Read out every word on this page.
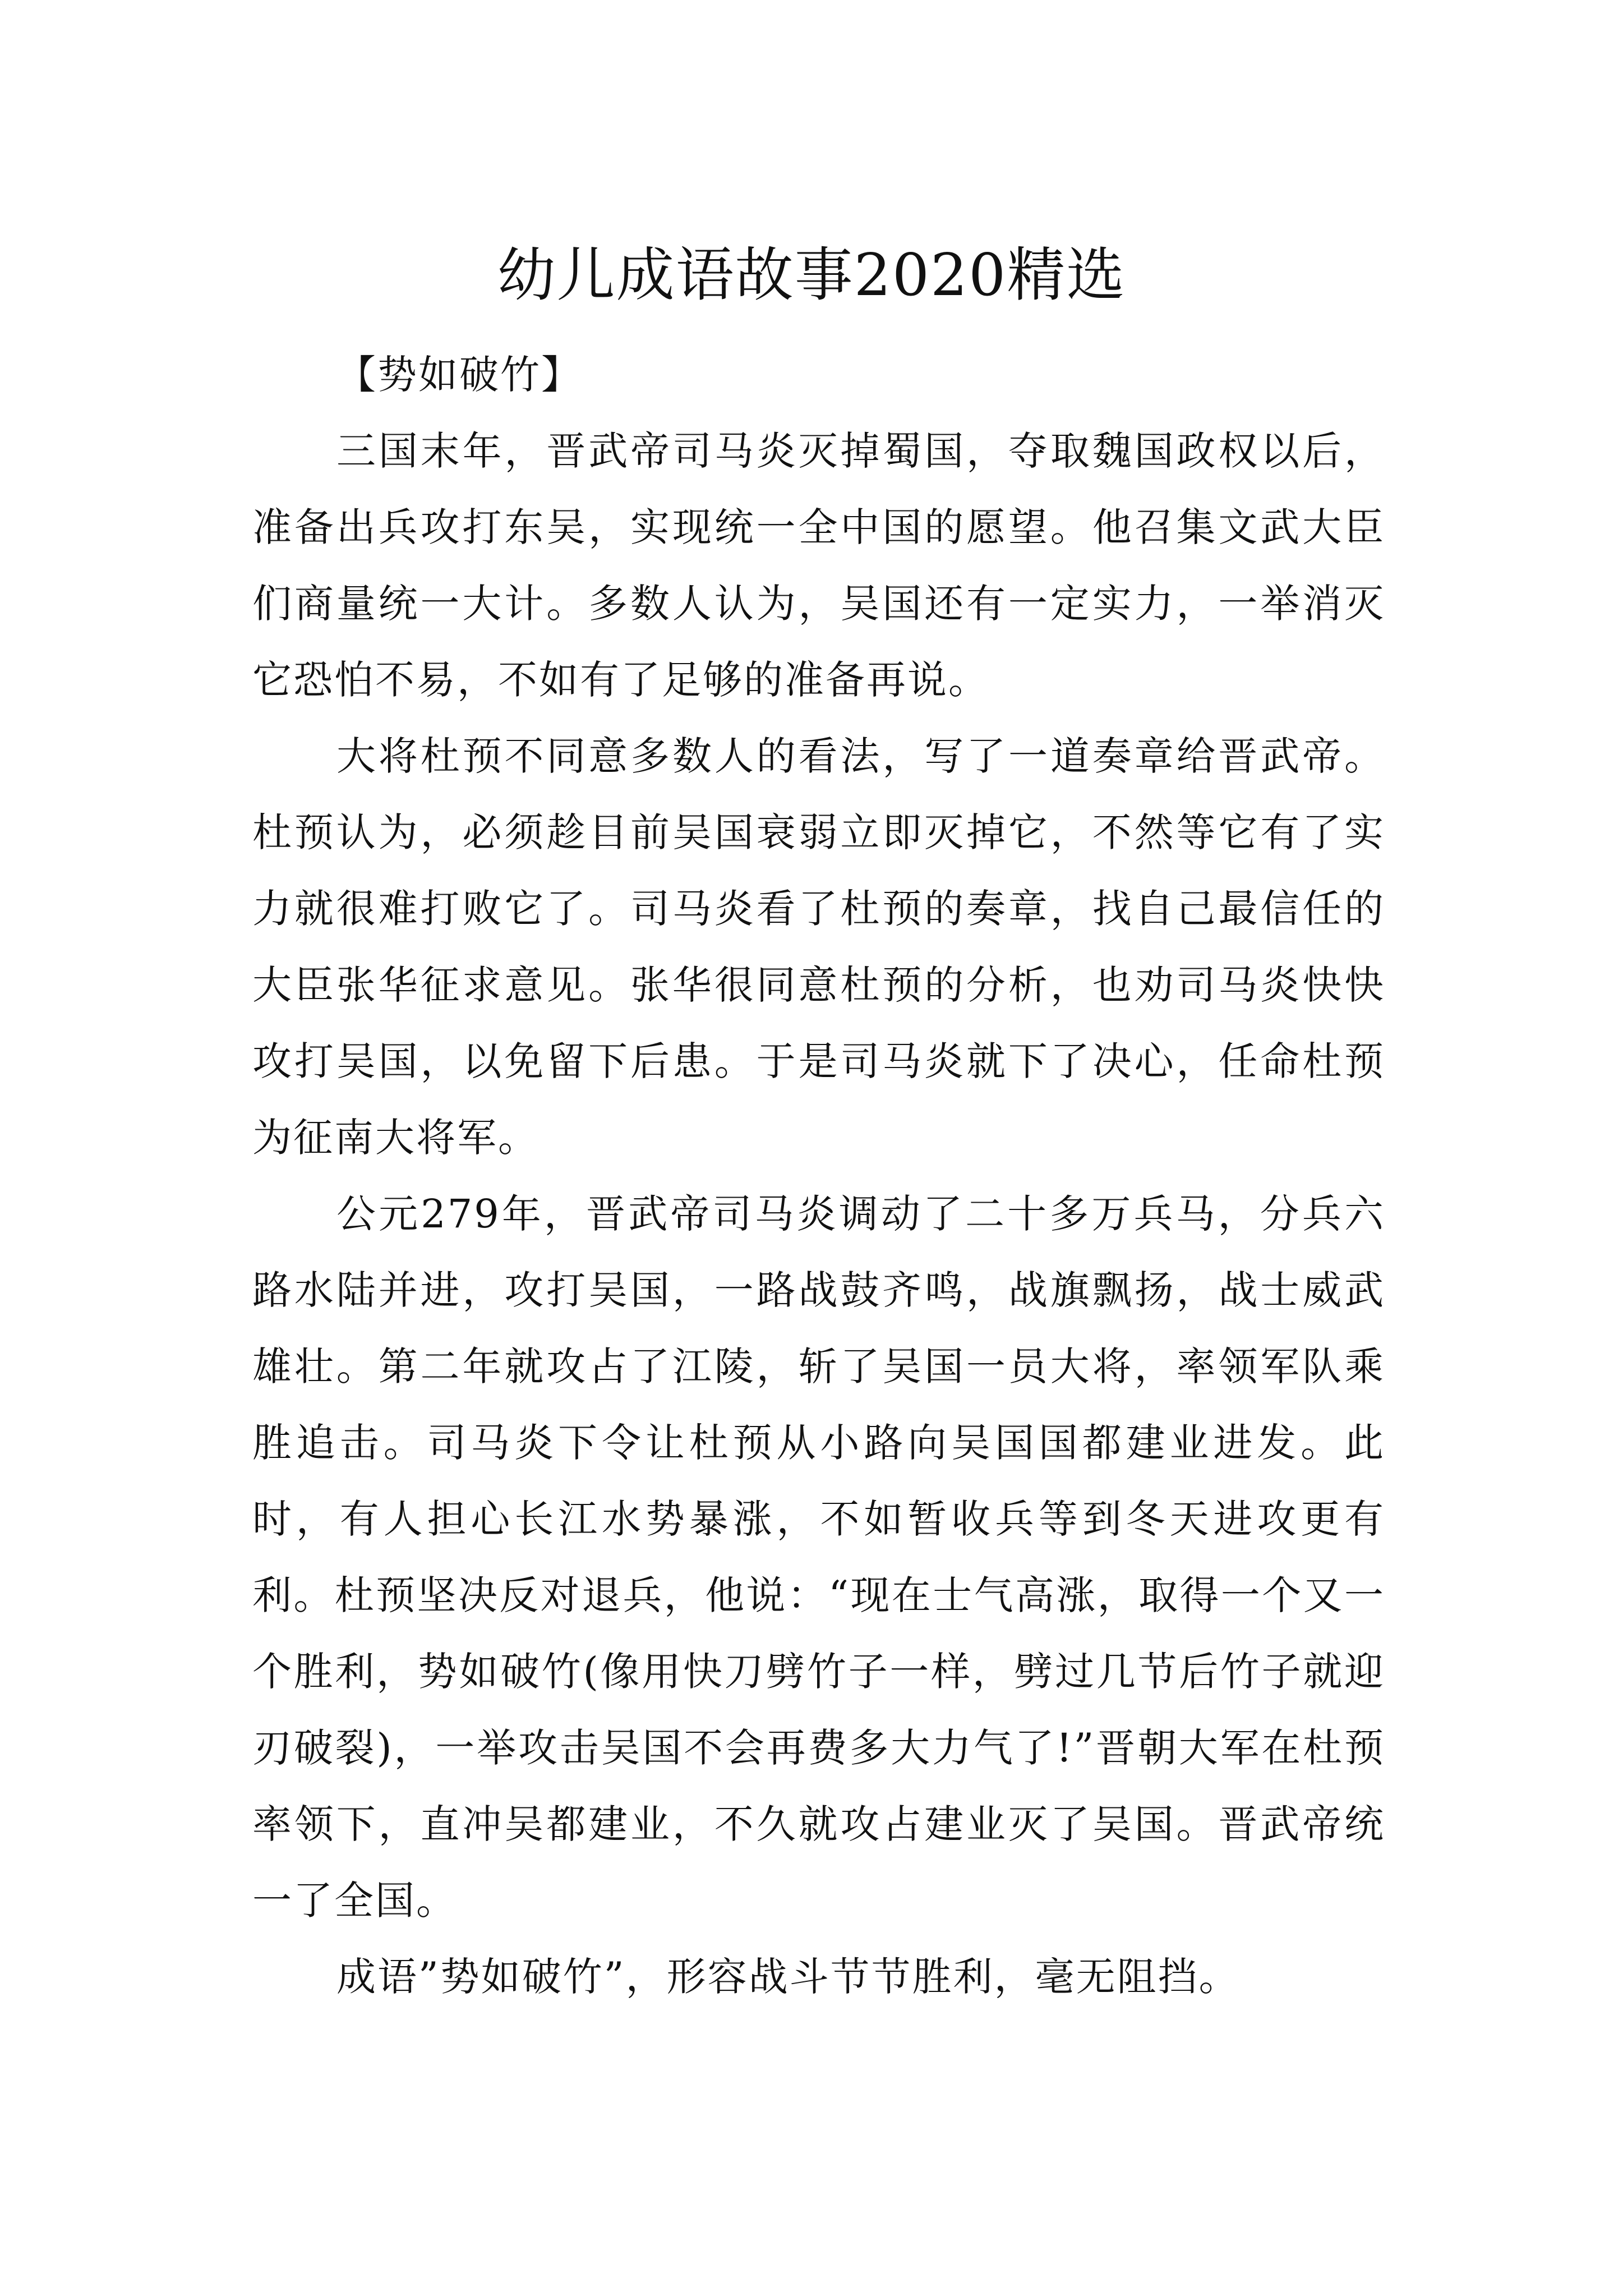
幼儿成语故事2020精选

【势如破竹】

三国末年，晋武帝司马炎灭掉蜀国，夺取魏国政权以后，准备出兵攻打东吴，实现统一全中国的愿望。他召集文武大臣们商量统一大计。多数人认为，吴国还有一定实力，一举消灭它恐怕不易，不如有了足够的准备再说。

大将杜预不同意多数人的看法，写了一道奏章给晋武帝。杜预认为，必须趁目前吴国衰弱立即灭掉它，不然等它有了实力就很难打败它了。司马炎看了杜预的奏章，找自己最信任的大臣张华征求意见。张华很同意杜预的分析，也劝司马炎快快攻打吴国，以免留下后患。于是司马炎就下了决心，任命杜预为征南大将军。

公元279年，晋武帝司马炎调动了二十多万兵马，分兵六路水陆并进，攻打吴国，一路战鼓齐鸣，战旗飘扬，战士威武雄壮。第二年就攻占了江陵，斩了吴国一员大将，率领军队乘胜追击。司马炎下令让杜预从小路向吴国国都建业进发。此时，有人担心长江水势暴涨，不如暂收兵等到冬天进攻更有利。杜预坚决反对退兵，他说：“现在士气高涨，取得一个又一个胜利，势如破竹(像用快刀劈竹子一样，劈过几节后竹子就迎刃破裂)，一举攻击吴国不会再费多大力气了!”晋朝大军在杜预率领下，直冲吴都建业，不久就攻占建业灭了吴国。晋武帝统一了全国。

成语”势如破竹”，形容战斗节节胜利，毫无阻挡。
